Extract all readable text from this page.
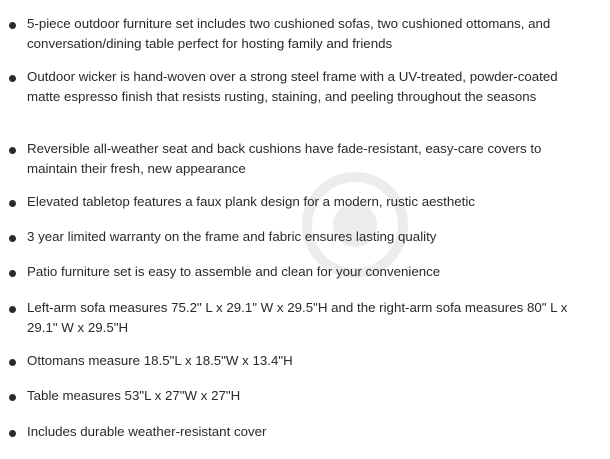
5-piece outdoor furniture set includes two cushioned sofas, two cushioned ottomans, and conversation/dining table perfect for hosting family and friends
Outdoor wicker is hand-woven over a strong steel frame with a UV-treated, powder-coated matte espresso finish that resists rusting, staining, and peeling throughout the seasons
Reversible all-weather seat and back cushions have fade-resistant, easy-care covers to maintain their fresh, new appearance
Elevated tabletop features a faux plank design for a modern, rustic aesthetic
3 year limited warranty on the frame and fabric ensures lasting quality
Patio furniture set is easy to assemble and clean for your convenience
Left-arm sofa measures 75.2" L x 29.1" W x 29.5"H and the right-arm sofa measures 80" L x 29.1" W x 29.5"H
Ottomans measure 18.5"L x 18.5"W x 13.4"H
Table measures 53"L x 27"W x 27"H
Includes durable weather-resistant cover
